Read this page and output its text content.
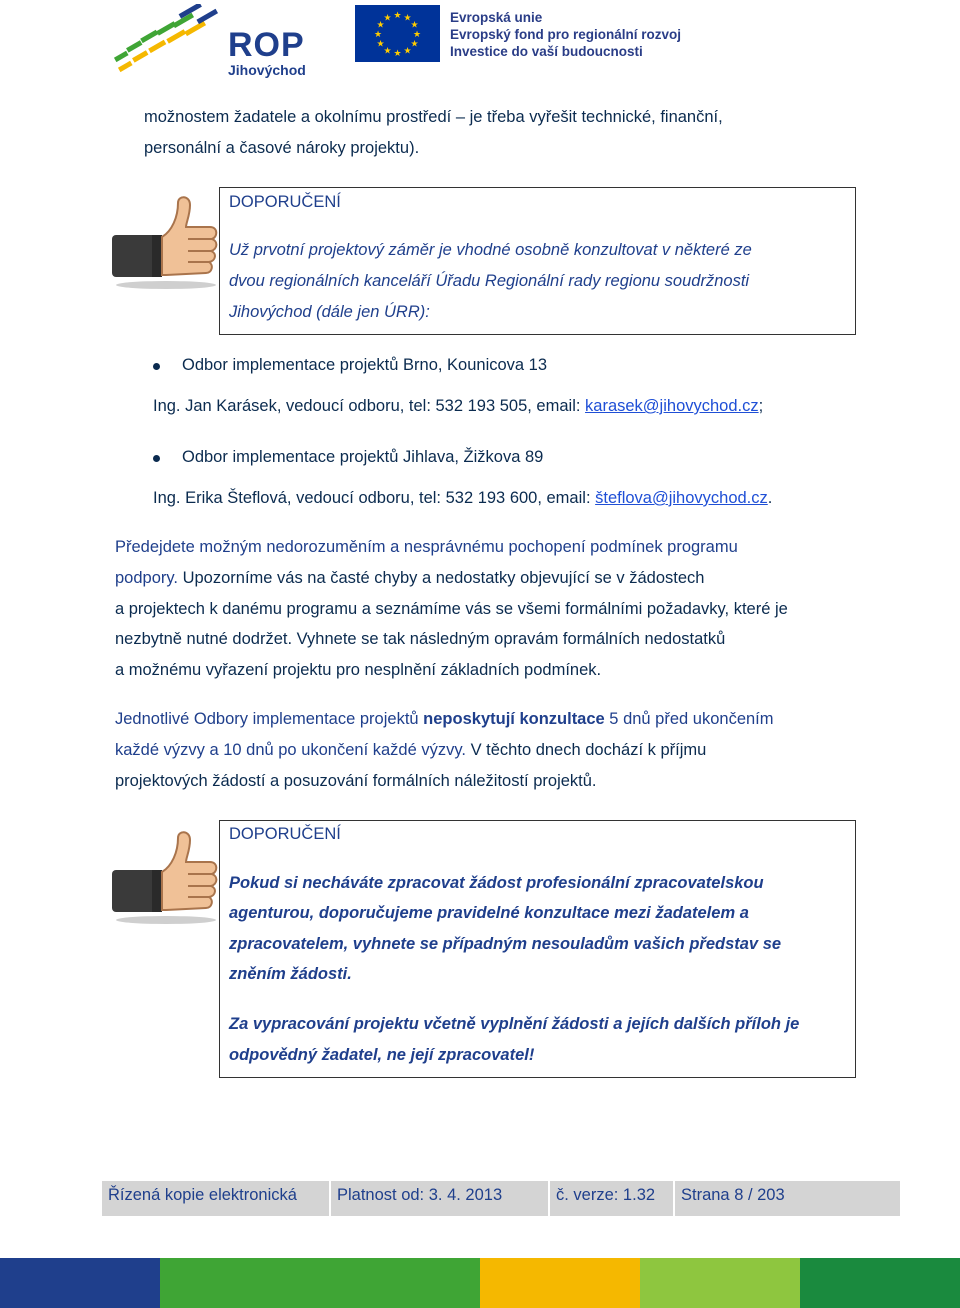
ROP
Jihovýchod
★ ★
★
★
★
★
★
★
★
★
★
★	Evropská unie
Evropský fond pro regionální rozvoj
Investice do vaší budoucnosti
možnostem žadatele a okolnímu prostředí – je třeba vyřešit technické, finanční,
personální a časové nároky projektu).
DOPORUČENÍ
Už prvotní projektový záměr je vhodné osobně konzultovat v některé ze
dvou regionálních kanceláří Úřadu Regionální rady regionu soudržnosti
Jihovýchod (dále jen ÚRR):
Odbor implementace projektů Brno, Kounicova 13
Ing. Jan Karásek, vedoucí odboru, tel: 532 193 505, email: karasek@jihovychod.cz;
Odbor implementace projektů Jihlava, Žižkova 89
Ing. Erika Šteflová, vedoucí odboru, tel: 532 193 600, email: šteflova@jihovychod.cz.
Předejdete možným nedorozuměním a nesprávnému pochopení podmínek programu
podpory. Upozorníme vás na časté chyby a nedostatky objevující se v žádostech
a projektech k danému programu a seznámíme vás se všemi formálními požadavky, které je
nezbytně nutné dodržet. Vyhnete se tak následným opravám formálních nedostatků
a možnému vyřazení projektu pro nesplnění základních podmínek.
Jednotlivé Odbory implementace projektů neposkytují konzultace 5 dnů před ukončením
každé výzvy a 10 dnů po ukončení každé výzvy. V těchto dnech dochází k příjmu
projektových žádostí a posuzování formálních náležitostí projektů.
DOPORUČENÍ
Pokud si necháváte zpracovat žádost profesionální zpracovatelskou
agenturou, doporučujeme pravidelné konzultace mezi žadatelem a
zpracovatelem, vyhnete se případným nesouladům vašich představ se
zněním žádosti.
Za vypracování projektu včetně vyplnění žádosti a jejích dalších příloh je
odpovědný žadatel, ne její zpracovatel!
Řízená kopie elektronická	Platnost od: 3. 4. 2013	č. verze: 1.32	Strana 8 / 203
